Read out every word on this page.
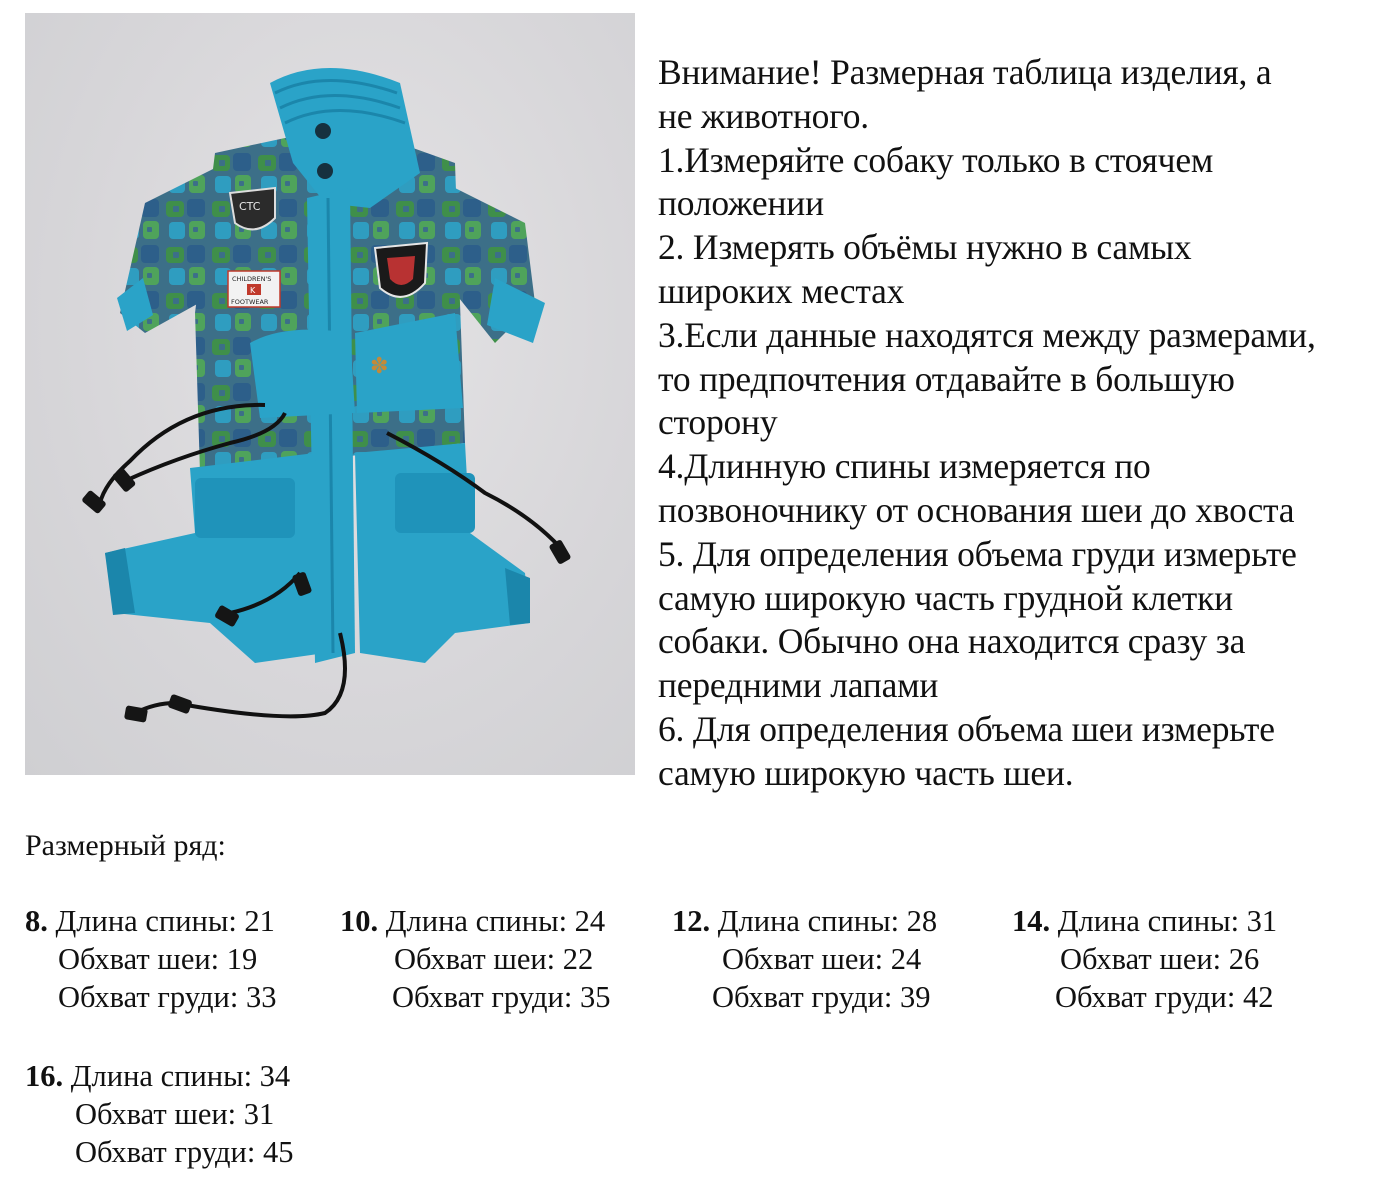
✽
CTC
CHILDREN'S
K
FOOTWEAR
Внимание! Размерная таблица изделия, а
не животного.
1.Измеряйте собаку только в стоячем
положении
2. Измерять объёмы нужно в самых
широких местах
3.Если данные находятся между размерами,
то предпочтения отдавайте в большую
сторону
4.Длинную спины измеряется по
позвоночнику от основания шеи до хвоста
5. Для определения объема груди измерьте
самую широкую часть грудной клетки
собаки. Обычно она находится сразу за
передними лапами
6. Для определения объема шеи измерьте
самую широкую часть шеи.
Размерный ряд:
8. Длина спины: 21
Обхват шеи: 19
Обхват груди: 33
10. Длина спины: 24
Обхват шеи: 22
Обхват груди: 35
12. Длина спины: 28
Обхват шеи: 24
Обхват груди: 39
14. Длина спины: 31
Обхват шеи: 26
Обхват груди: 42
16. Длина спины: 34
Обхват шеи: 31
Обхват груди: 45
